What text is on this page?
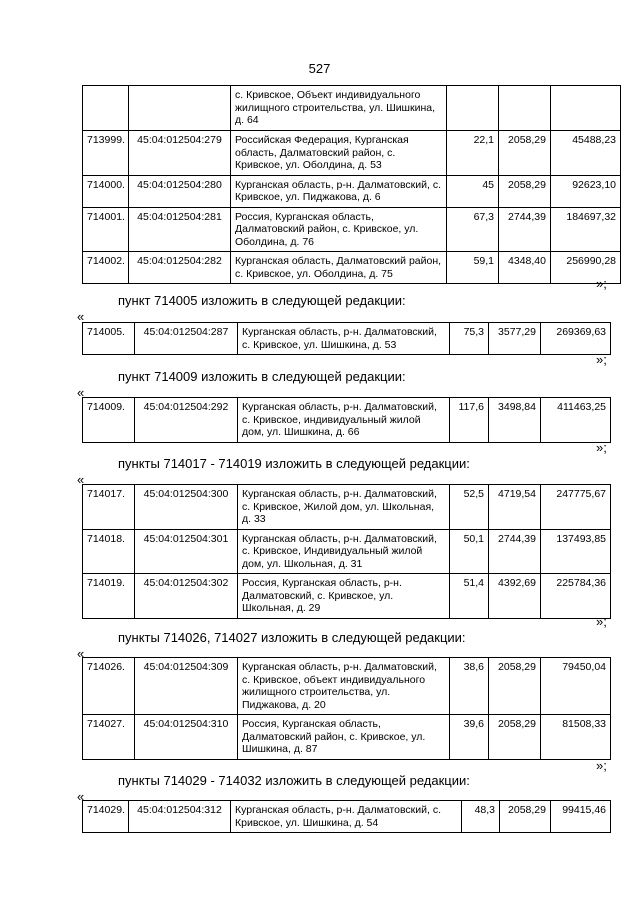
527
		с. Кривское, Объект индивидуального жилищного строительства, ул. Шишкина, д. 64			
713999.	45:04:012504:279	Российская Федерация, Курганская область, Далматовский район, с. Кривское, ул. Оболдина, д. 53	22,1	2058,29	45488,23
714000.	45:04:012504:280	Курганская область, р-н. Далматовский, с. Кривское, ул. Пиджакова, д. 6	45	2058,29	92623,10
714001.	45:04:012504:281	Россия, Курганская область, Далматовский район, с. Кривское, ул. Оболдина, д. 76	67,3	2744,39	184697,32
714002.	45:04:012504:282	Курганская область, Далматовский район, с. Кривское, ул. Оболдина, д. 75	59,1	4348,40	256990,28
»;
пункт 714005 изложить в следующей редакции:
«
714005.	45:04:012504:287	Курганская область, р-н. Далматовский, с. Кривское, ул. Шишкина, д. 53	75,3	3577,29	269369,63
»;
пункт 714009 изложить в следующей редакции:
«
714009.	45:04:012504:292	Курганская область, р-н. Далматовский, с. Кривское, индивидуальный жилой дом, ул. Шишкина, д. 66	117,6	3498,84	411463,25
»;
пункты 714017 - 714019 изложить в следующей редакции:
«
714017.	45:04:012504:300	Курганская область, р-н. Далматовский, с. Кривское, Жилой дом, ул. Школьная, д. 33	52,5	4719,54	247775,67
714018.	45:04:012504:301	Курганская область, р-н. Далматовский, с. Кривское, Индивидуальный жилой дом, ул. Школьная, д. 31	50,1	2744,39	137493,85
714019.	45:04:012504:302	Россия, Курганская область, р-н. Далматовский, с. Кривское, ул. Школьная, д. 29	51,4	4392,69	225784,36
»;
пункты 714026, 714027 изложить в следующей редакции:
«
714026.	45:04:012504:309	Курганская область, р-н. Далматовский, с. Кривское, объект индивидуального жилищного строительства, ул. Пиджакова, д. 20	38,6	2058,29	79450,04
714027.	45:04:012504:310	Россия, Курганская область, Далматовский район, с. Кривское, ул. Шишкина, д. 87	39,6	2058,29	81508,33
»;
пункты 714029 - 714032 изложить в следующей редакции:
«
714029.	45:04:012504:312	Курганская область, р-н. Далматовский, с. Кривское, ул. Шишкина, д. 54	48,3	2058,29	99415,46
